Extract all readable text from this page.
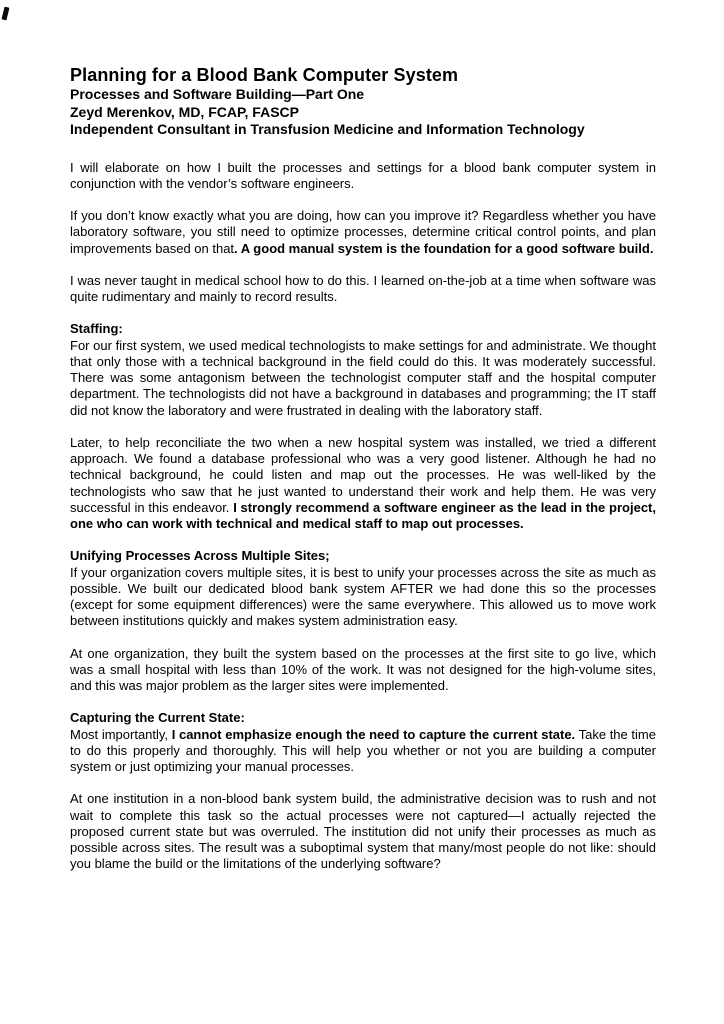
Planning for a Blood Bank Computer System
Processes and Software Building—Part One
Zeyd Merenkov, MD, FCAP, FASCP
Independent Consultant in Transfusion Medicine and Information Technology
I will elaborate on how I built the processes and settings for a blood bank computer system in conjunction with the vendor’s software engineers.
If you don’t know exactly what you are doing, how can you improve it? Regardless whether you have laboratory software, you still need to optimize processes, determine critical control points, and plan improvements based on that. A good manual system is the foundation for a good software build.
I was never taught in medical school how to do this. I learned on-the-job at a time when software was quite rudimentary and mainly to record results.
Staffing:
For our first system, we used medical technologists to make settings for and administrate. We thought that only those with a technical background in the field could do this. It was moderately successful. There was some antagonism between the technologist computer staff and the hospital computer department. The technologists did not have a background in databases and programming; the IT staff did not know the laboratory and were frustrated in dealing with the laboratory staff.
Later, to help reconciliate the two when a new hospital system was installed, we tried a different approach. We found a database professional who was a very good listener. Although he had no technical background, he could listen and map out the processes. He was well-liked by the technologists who saw that he just wanted to understand their work and help them. He was very successful in this endeavor. I strongly recommend a software engineer as the lead in the project, one who can work with technical and medical staff to map out processes.
Unifying Processes Across Multiple Sites;
If your organization covers multiple sites, it is best to unify your processes across the site as much as possible. We built our dedicated blood bank system AFTER we had done this so the processes (except for some equipment differences) were the same everywhere. This allowed us to move work between institutions quickly and makes system administration easy.
At one organization, they built the system based on the processes at the first site to go live, which was a small hospital with less than 10% of the work. It was not designed for the high-volume sites, and this was major problem as the larger sites were implemented.
Capturing the Current State:
Most importantly, I cannot emphasize enough the need to capture the current state. Take the time to do this properly and thoroughly. This will help you whether or not you are building a computer system or just optimizing your manual processes.
At one institution in a non-blood bank system build, the administrative decision was to rush and not wait to complete this task so the actual processes were not captured—I actually rejected the proposed current state but was overruled. The institution did not unify their processes as much as possible across sites. The result was a suboptimal system that many/most people do not like: should you blame the build or the limitations of the underlying software?
